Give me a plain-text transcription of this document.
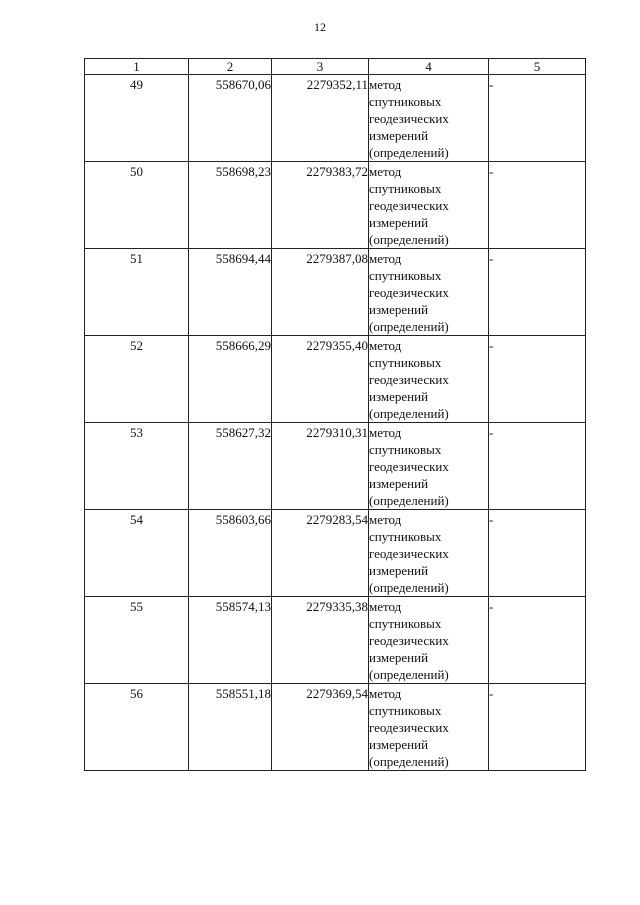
12
1	2	3	4	5
49	558670,06	2279352,11	метод
спутниковых
геодезических
измерений
(определений)	-
50	558698,23	2279383,72	метод
спутниковых
геодезических
измерений
(определений)	-
51	558694,44	2279387,08	метод
спутниковых
геодезических
измерений
(определений)	-
52	558666,29	2279355,40	метод
спутниковых
геодезических
измерений
(определений)	-
53	558627,32	2279310,31	метод
спутниковых
геодезических
измерений
(определений)	-
54	558603,66	2279283,54	метод
спутниковых
геодезических
измерений
(определений)	-
55	558574,13	2279335,38	метод
спутниковых
геодезических
измерений
(определений)	-
56	558551,18	2279369,54	метод
спутниковых
геодезических
измерений
(определений)	-
